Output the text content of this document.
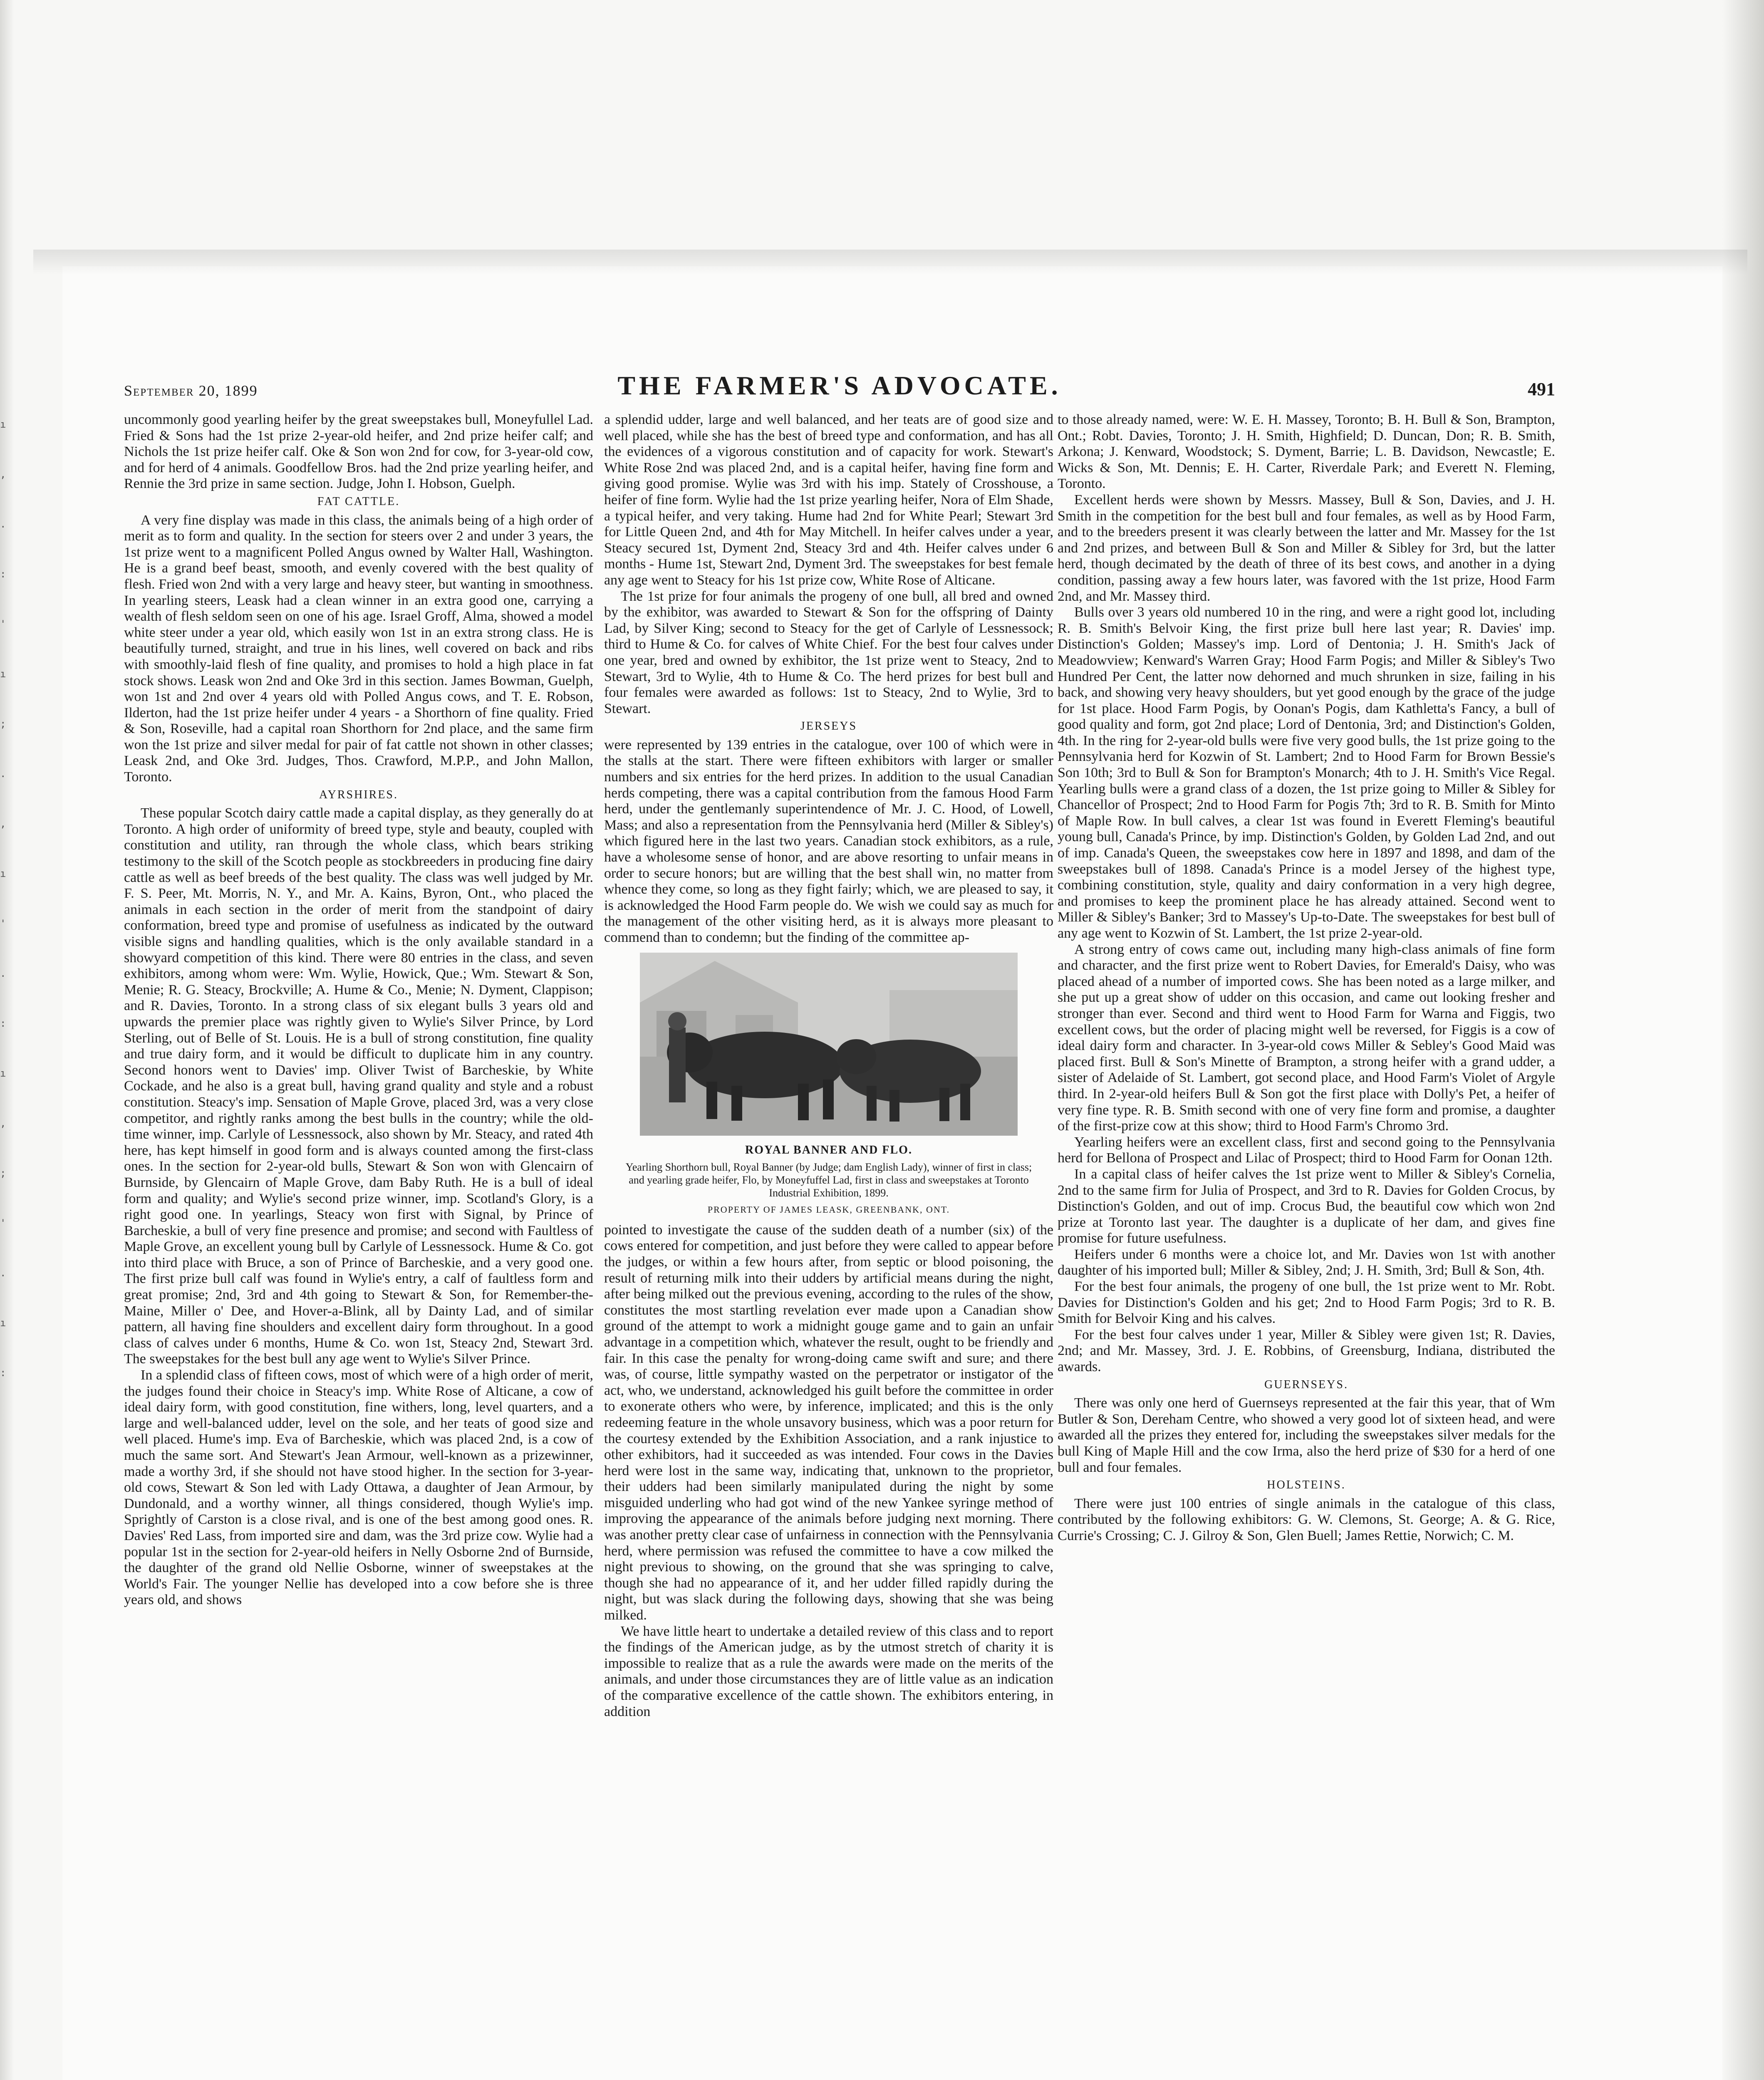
ı , . : ' ı ; . , ı ' . : ı , ; ' . ı :
September 20, 1899	THE FARMER'S ADVOCATE.	491

uncommonly good yearling heifer by the great sweepstakes bull, Moneyfullel Lad. Fried & Sons had the 1st prize 2-year-old heifer, and 2nd prize heifer calf; and Nichols the 1st prize heifer calf. Oke & Son won 2nd for cow, for 3-year-old cow, and for herd of 4 animals. Goodfellow Bros. had the 2nd prize yearling heifer, and Rennie the 3rd prize in same section. Judge, John I. Hobson, Guelph.

FAT CATTLE.

A very fine display was made in this class, the animals being of a high order of merit as to form and quality. In the section for steers over 2 and under 3 years, the 1st prize went to a magnificent Polled Angus owned by Walter Hall, Washington. He is a grand beef beast, smooth, and evenly covered with the best quality of flesh. Fried won 2nd with a very large and heavy steer, but wanting in smoothness. In yearling steers, Leask had a clean winner in an extra good one, carrying a wealth of flesh seldom seen on one of his age. Israel Groff, Alma, showed a model white steer under a year old, which easily won 1st in an extra strong class. He is beautifully turned, straight, and true in his lines, well covered on back and ribs with smoothly-laid flesh of fine quality, and promises to hold a high place in fat stock shows. Leask won 2nd and Oke 3rd in this section. James Bowman, Guelph, won 1st and 2nd over 4 years old with Polled Angus cows, and T. E. Robson, Ilderton, had the 1st prize heifer under 4 years - a Shorthorn of fine quality. Fried & Son, Roseville, had a capital roan Shorthorn for 2nd place, and the same firm won the 1st prize and silver medal for pair of fat cattle not shown in other classes; Leask 2nd, and Oke 3rd. Judges, Thos. Crawford, M.P.P., and John Mallon, Toronto.

AYRSHIRES.

These popular Scotch dairy cattle made a capital display, as they generally do at Toronto. A high order of uniformity of breed type, style and beauty, coupled with constitution and utility, ran through the whole class, which bears striking testimony to the skill of the Scotch people as stockbreeders in producing fine dairy cattle as well as beef breeds of the best quality. The class was well judged by Mr. F. S. Peer, Mt. Morris, N. Y., and Mr. A. Kains, Byron, Ont., who placed the animals in each section in the order of merit from the standpoint of dairy conformation, breed type and promise of usefulness as indicated by the outward visible signs and handling qualities, which is the only available standard in a showyard competition of this kind. There were 80 entries in the class, and seven exhibitors, among whom were: Wm. Wylie, Howick, Que.; Wm. Stewart & Son, Menie; R. G. Steacy, Brockville; A. Hume & Co., Menie; N. Dyment, Clappison; and R. Davies, Toronto. In a strong class of six elegant bulls 3 years old and upwards the premier place was rightly given to Wylie's Silver Prince, by Lord Sterling, out of Belle of St. Louis. He is a bull of strong constitution, fine quality and true dairy form, and it would be difficult to duplicate him in any country. Second honors went to Davies' imp. Oliver Twist of Barcheskie, by White Cockade, and he also is a great bull, having grand quality and style and a robust constitution. Steacy's imp. Sensation of Maple Grove, placed 3rd, was a very close competitor, and rightly ranks among the best bulls in the country; while the old-time winner, imp. Carlyle of Lessnessock, also shown by Mr. Steacy, and rated 4th here, has kept himself in good form and is always counted among the first-class ones. In the section for 2-year-old bulls, Stewart & Son won with Glencairn of Burnside, by Glencairn of Maple Grove, dam Baby Ruth. He is a bull of ideal form and quality; and Wylie's second prize winner, imp. Scotland's Glory, is a right good one. In yearlings, Steacy won first with Signal, by Prince of Barcheskie, a bull of very fine presence and promise; and second with Faultless of Maple Grove, an excellent young bull by Carlyle of Lessnessock. Hume & Co. got into third place with Bruce, a son of Prince of Barcheskie, and a very good one. The first prize bull calf was found in Wylie's entry, a calf of faultless form and great promise; 2nd, 3rd and 4th going to Stewart & Son, for Remember-the-Maine, Miller o' Dee, and Hover-a-Blink, all by Dainty Lad, and of similar pattern, all having fine shoulders and excellent dairy form throughout. In a good class of calves under 6 months, Hume & Co. won 1st, Steacy 2nd, Stewart 3rd. The sweepstakes for the best bull any age went to Wylie's Silver Prince.

In a splendid class of fifteen cows, most of which were of a high order of merit, the judges found their choice in Steacy's imp. White Rose of Alticane, a cow of ideal dairy form, with good constitution, fine withers, long, level quarters, and a large and well-balanced udder, level on the sole, and her teats of good size and well placed. Hume's imp. Eva of Barcheskie, which was placed 2nd, is a cow of much the same sort. And Stewart's Jean Armour, well-known as a prizewinner, made a worthy 3rd, if she should not have stood higher. In the section for 3-year-old cows, Stewart & Son led with Lady Ottawa, a daughter of Jean Armour, by Dundonald, and a worthy winner, all things considered, though Wylie's imp. Sprightly of Carston is a close rival, and is one of the best among good ones. R. Davies' Red Lass, from imported sire and dam, was the 3rd prize cow. Wylie had a popular 1st in the section for 2-year-old heifers in Nelly Osborne 2nd of Burnside, the daughter of the grand old Nellie Osborne, winner of sweepstakes at the World's Fair. The younger Nellie has developed into a cow before she is three years old, and shows

a splendid udder, large and well balanced, and her teats are of good size and well placed, while she has the best of breed type and conformation, and has all the evidences of a vigorous constitution and of capacity for work. Stewart's White Rose 2nd was placed 2nd, and is a capital heifer, having fine form and giving good promise. Wylie was 3rd with his imp. Stately of Crosshouse, a heifer of fine form. Wylie had the 1st prize yearling heifer, Nora of Elm Shade, a typical heifer, and very taking. Hume had 2nd for White Pearl; Stewart 3rd for Little Queen 2nd, and 4th for May Mitchell. In heifer calves under a year, Steacy secured 1st, Dyment 2nd, Steacy 3rd and 4th. Heifer calves under 6 months - Hume 1st, Stewart 2nd, Dyment 3rd. The sweepstakes for best female any age went to Steacy for his 1st prize cow, White Rose of Alticane.

The 1st prize for four animals the progeny of one bull, all bred and owned by the exhibitor, was awarded to Stewart & Son for the offspring of Dainty Lad, by Silver King; second to Steacy for the get of Carlyle of Lessnessock; third to Hume & Co. for calves of White Chief. For the best four calves under one year, bred and owned by exhibitor, the 1st prize went to Steacy, 2nd to Stewart, 3rd to Wylie, 4th to Hume & Co. The herd prizes for best bull and four females were awarded as follows: 1st to Steacy, 2nd to Wylie, 3rd to Stewart.

JERSEYS

were represented by 139 entries in the catalogue, over 100 of which were in the stalls at the start. There were fifteen exhibitors with larger or smaller numbers and six entries for the herd prizes. In addition to the usual Canadian herds competing, there was a capital contribution from the famous Hood Farm herd, under the gentlemanly superintendence of Mr. J. C. Hood, of Lowell, Mass; and also a representation from the Pennsylvania herd (Miller & Sibley's) which figured here in the last two years. Canadian stock exhibitors, as a rule, have a wholesome sense of honor, and are above resorting to unfair means in order to secure honors; but are willing that the best shall win, no matter from whence they come, so long as they fight fairly; which, we are pleased to say, it is acknowledged the Hood Farm people do. We wish we could say as much for the management of the other visiting herd, as it is always more pleasant to commend than to condemn; but the finding of the committee ap-

ROYAL BANNER AND FLO.
Yearling Shorthorn bull, Royal Banner (by Judge; dam English Lady), winner of first in class; and yearling grade heifer, Flo, by Moneyfuffel Lad, first in class and sweepstakes at Toronto Industrial Exhibition, 1899.
PROPERTY OF JAMES LEASK, GREENBANK, ONT.

pointed to investigate the cause of the sudden death of a number (six) of the cows entered for competition, and just before they were called to appear before the judges, or within a few hours after, from septic or blood poisoning, the result of returning milk into their udders by artificial means during the night, after being milked out the previous evening, according to the rules of the show, constitutes the most startling revelation ever made upon a Canadian show ground of the attempt to work a midnight gouge game and to gain an unfair advantage in a competition which, whatever the result, ought to be friendly and fair. In this case the penalty for wrong-doing came swift and sure; and there was, of course, little sympathy wasted on the perpetrator or instigator of the act, who, we understand, acknowledged his guilt before the committee in order to exonerate others who were, by inference, implicated; and this is the only redeeming feature in the whole unsavory business, which was a poor return for the courtesy extended by the Exhibition Association, and a rank injustice to other exhibitors, had it succeeded as was intended. Four cows in the Davies herd were lost in the same way, indicating that, unknown to the proprietor, their udders had been similarly manipulated during the night by some misguided underling who had got wind of the new Yankee syringe method of improving the appearance of the animals before judging next morning. There was another pretty clear case of unfairness in connection with the Pennsylvania herd, where permission was refused the committee to have a cow milked the night previous to showing, on the ground that she was springing to calve, though she had no appearance of it, and her udder filled rapidly during the night, but was slack during the following days, showing that she was being milked.

We have little heart to undertake a detailed review of this class and to report the findings of the American judge, as by the utmost stretch of charity it is impossible to realize that as a rule the awards were made on the merits of the animals, and under those circumstances they are of little value as an indication of the comparative excellence of the cattle shown. The exhibitors entering, in addition

to those already named, were: W. E. H. Massey, Toronto; B. H. Bull & Son, Brampton, Ont.; Robt. Davies, Toronto; J. H. Smith, Highfield; D. Duncan, Don; R. B. Smith, Arkona; J. Kenward, Woodstock; S. Dyment, Barrie; L. B. Davidson, Newcastle; E. Wicks & Son, Mt. Dennis; E. H. Carter, Riverdale Park; and Everett N. Fleming, Toronto.

Excellent herds were shown by Messrs. Massey, Bull & Son, Davies, and J. H. Smith in the competition for the best bull and four females, as well as by Hood Farm, and to the breeders present it was clearly between the latter and Mr. Massey for the 1st and 2nd prizes, and between Bull & Son and Miller & Sibley for 3rd, but the latter herd, though decimated by the death of three of its best cows, and another in a dying condition, passing away a few hours later, was favored with the 1st prize, Hood Farm 2nd, and Mr. Massey third.

Bulls over 3 years old numbered 10 in the ring, and were a right good lot, including R. B. Smith's Belvoir King, the first prize bull here last year; R. Davies' imp. Distinction's Golden; Massey's imp. Lord of Dentonia; J. H. Smith's Jack of Meadowview; Kenward's Warren Gray; Hood Farm Pogis; and Miller & Sibley's Two Hundred Per Cent, the latter now dehorned and much shrunken in size, failing in his back, and showing very heavy shoulders, but yet good enough by the grace of the judge for 1st place. Hood Farm Pogis, by Oonan's Pogis, dam Kathletta's Fancy, a bull of good quality and form, got 2nd place; Lord of Dentonia, 3rd; and Distinction's Golden, 4th. In the ring for 2-year-old bulls were five very good bulls, the 1st prize going to the Pennsylvania herd for Kozwin of St. Lambert; 2nd to Hood Farm for Brown Bessie's Son 10th; 3rd to Bull & Son for Brampton's Monarch; 4th to J. H. Smith's Vice Regal. Yearling bulls were a grand class of a dozen, the 1st prize going to Miller & Sibley for Chancellor of Prospect; 2nd to Hood Farm for Pogis 7th; 3rd to R. B. Smith for Minto of Maple Row. In bull calves, a clear 1st was found in Everett Fleming's beautiful young bull, Canada's Prince, by imp. Distinction's Golden, by Golden Lad 2nd, and out of imp. Canada's Queen, the sweepstakes cow here in 1897 and 1898, and dam of the sweepstakes bull of 1898. Canada's Prince is a model Jersey of the highest type, combining constitution, style, quality and dairy conformation in a very high degree, and promises to keep the prominent place he has already attained. Second went to Miller & Sibley's Banker; 3rd to Massey's Up-to-Date. The sweepstakes for best bull of any age went to Kozwin of St. Lambert, the 1st prize 2-year-old.

A strong entry of cows came out, including many high-class animals of fine form and character, and the first prize went to Robert Davies, for Emerald's Daisy, who was placed ahead of a number of imported cows. She has been noted as a large milker, and she put up a great show of udder on this occasion, and came out looking fresher and stronger than ever. Second and third went to Hood Farm for Warna and Figgis, two excellent cows, but the order of placing might well be reversed, for Figgis is a cow of ideal dairy form and character. In 3-year-old cows Miller & Sebley's Good Maid was placed first. Bull & Son's Minette of Brampton, a strong heifer with a grand udder, a sister of Adelaide of St. Lambert, got second place, and Hood Farm's Violet of Argyle third. In 2-year-old heifers Bull & Son got the first place with Dolly's Pet, a heifer of very fine type. R. B. Smith second with one of very fine form and promise, a daughter of the first-prize cow at this show; third to Hood Farm's Chromo 3rd.

Yearling heifers were an excellent class, first and second going to the Pennsylvania herd for Bellona of Prospect and Lilac of Prospect; third to Hood Farm for Oonan 12th.

In a capital class of heifer calves the 1st prize went to Miller & Sibley's Cornelia, 2nd to the same firm for Julia of Prospect, and 3rd to R. Davies for Golden Crocus, by Distinction's Golden, and out of imp. Crocus Bud, the beautiful cow which won 2nd prize at Toronto last year. The daughter is a duplicate of her dam, and gives fine promise for future usefulness.

Heifers under 6 months were a choice lot, and Mr. Davies won 1st with another daughter of his imported bull; Miller & Sibley, 2nd; J. H. Smith, 3rd; Bull & Son, 4th.

For the best four animals, the progeny of one bull, the 1st prize went to Mr. Robt. Davies for Distinction's Golden and his get; 2nd to Hood Farm Pogis; 3rd to R. B. Smith for Belvoir King and his calves.

For the best four calves under 1 year, Miller & Sibley were given 1st; R. Davies, 2nd; and Mr. Massey, 3rd. J. E. Robbins, of Greensburg, Indiana, distributed the awards.

GUERNSEYS.

There was only one herd of Guernseys represented at the fair this year, that of Wm Butler & Son, Dereham Centre, who showed a very good lot of sixteen head, and were awarded all the prizes they entered for, including the sweepstakes silver medals for the bull King of Maple Hill and the cow Irma, also the herd prize of $30 for a herd of one bull and four females.

HOLSTEINS.

There were just 100 entries of single animals in the catalogue of this class, contributed by the following exhibitors: G. W. Clemons, St. George; A. & G. Rice, Currie's Crossing; C. J. Gilroy & Son, Glen Buell; James Rettie, Norwich; C. M.
